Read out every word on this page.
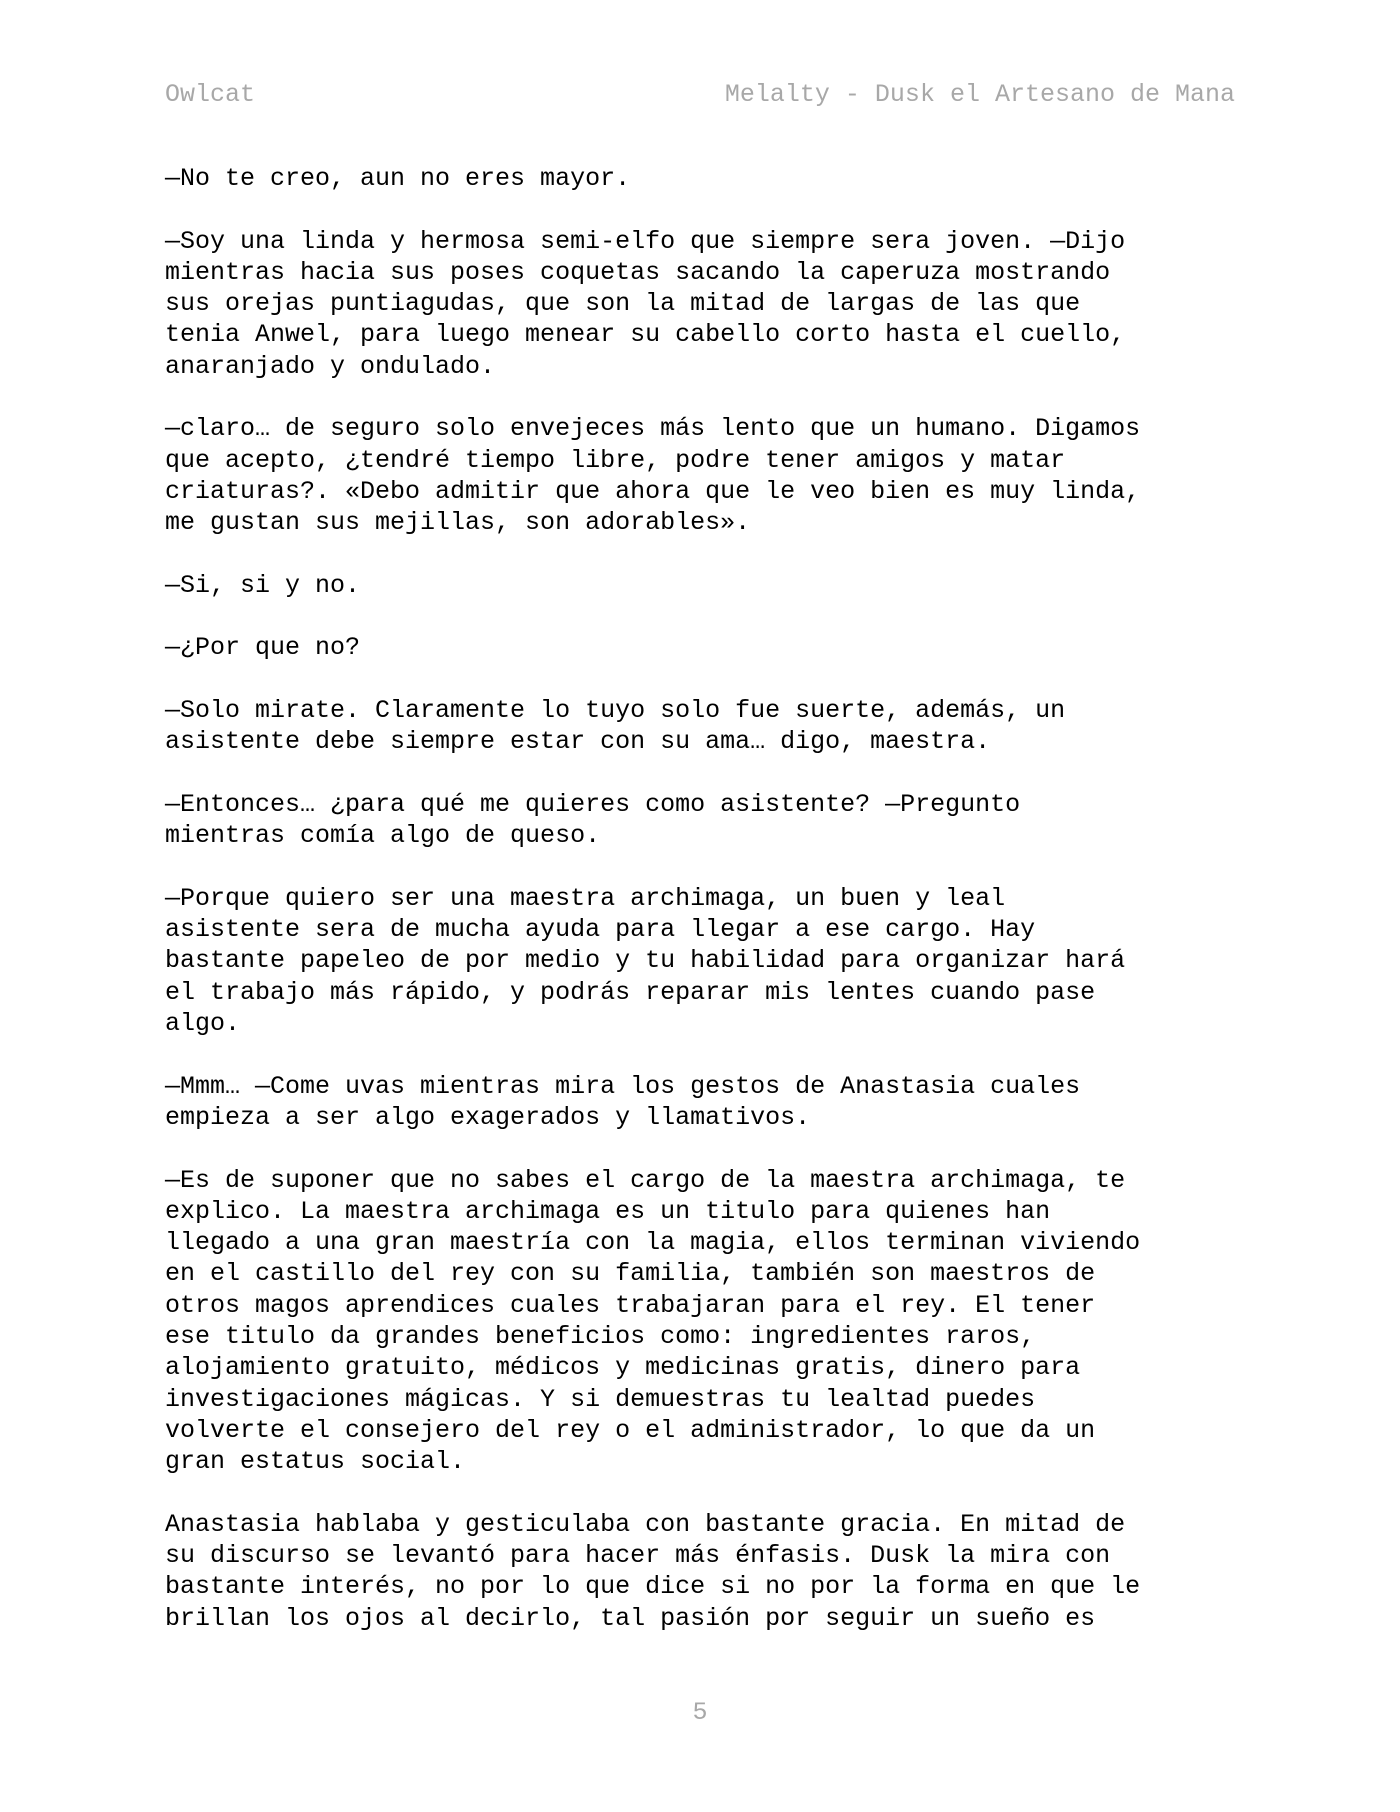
Owlcat	Melalty - Dusk el Artesano de Mana

—No te creo, aun no eres mayor.

—Soy una linda y hermosa semi-elfo que siempre sera joven. —Dijo
mientras hacia sus poses coquetas sacando la caperuza mostrando
sus orejas puntiagudas, que son la mitad de largas de las que
tenia Anwel, para luego menear su cabello corto hasta el cuello,
anaranjado y ondulado.

—claro… de seguro solo envejeces más lento que un humano. Digamos
que acepto, ¿tendré tiempo libre, podre tener amigos y matar
criaturas?. «Debo admitir que ahora que le veo bien es muy linda,
me gustan sus mejillas, son adorables».

—Si, si y no.

—¿Por que no?

—Solo mirate. Claramente lo tuyo solo fue suerte, además, un
asistente debe siempre estar con su ama… digo, maestra.

—Entonces… ¿para qué me quieres como asistente? —Pregunto
mientras comía algo de queso.

—Porque quiero ser una maestra archimaga, un buen y leal
asistente sera de mucha ayuda para llegar a ese cargo. Hay
bastante papeleo de por medio y tu habilidad para organizar hará
el trabajo más rápido, y podrás reparar mis lentes cuando pase
algo.

—Mmm… —Come uvas mientras mira los gestos de Anastasia cuales
empieza a ser algo exagerados y llamativos.

—Es de suponer que no sabes el cargo de la maestra archimaga, te
explico. La maestra archimaga es un titulo para quienes han
llegado a una gran maestría con la magia, ellos terminan viviendo
en el castillo del rey con su familia, también son maestros de
otros magos aprendices cuales trabajaran para el rey. El tener
ese titulo da grandes beneficios como: ingredientes raros,
alojamiento gratuito, médicos y medicinas gratis, dinero para
investigaciones mágicas. Y si demuestras tu lealtad puedes
volverte el consejero del rey o el administrador, lo que da un
gran estatus social.

Anastasia hablaba y gesticulaba con bastante gracia. En mitad de
su discurso se levantó para hacer más énfasis. Dusk la mira con
bastante interés, no por lo que dice si no por la forma en que le
brillan los ojos al decirlo, tal pasión por seguir un sueño es

5
